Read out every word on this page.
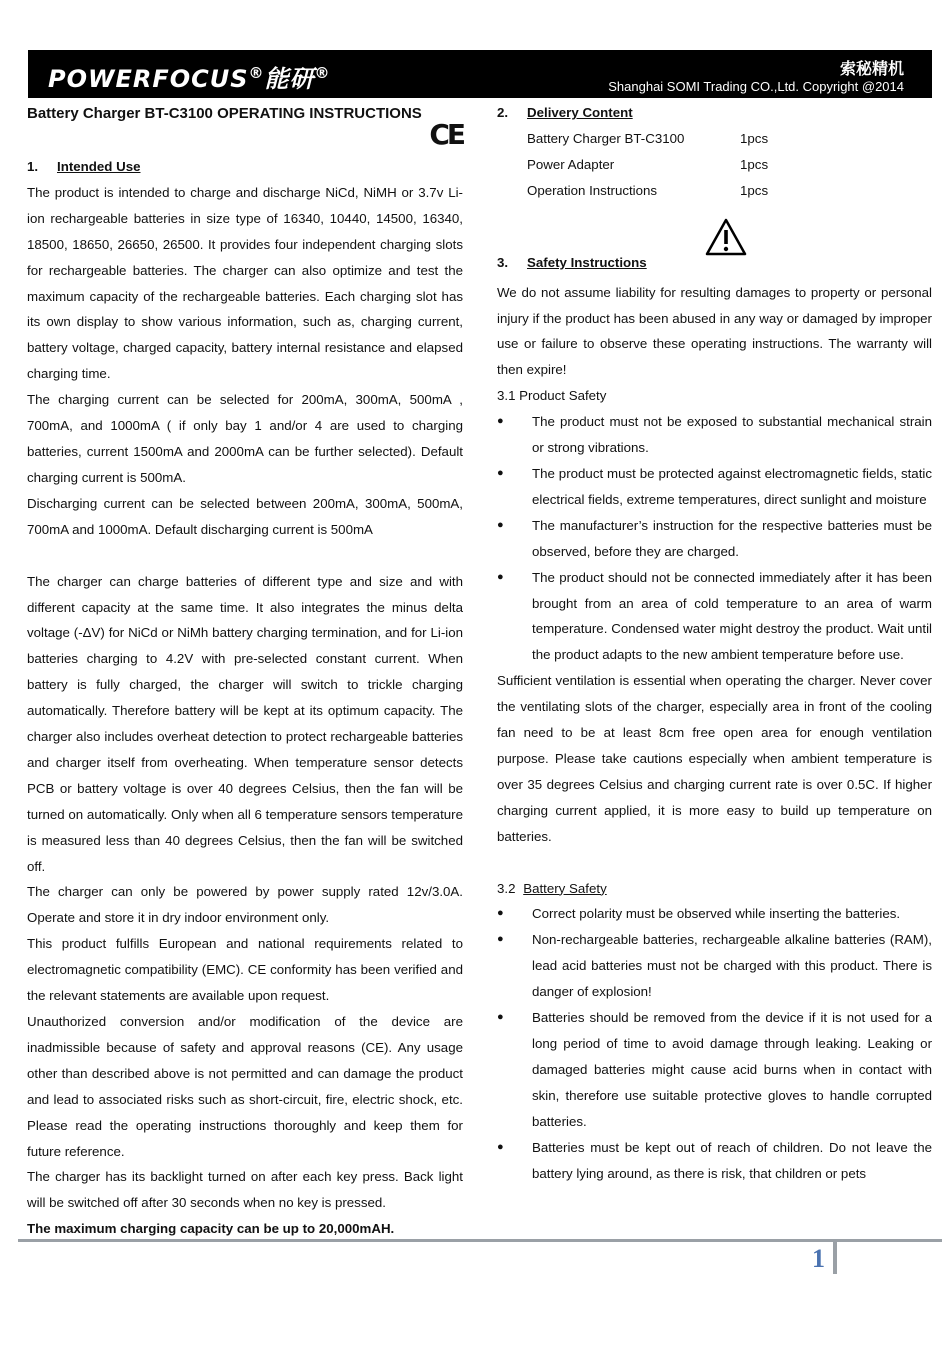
POWERFOCUS®能研®	索秘精机
Shanghai SOMI Trading CO.,Ltd. Copyright @2014
Battery Charger BT-C3100 OPERATING INSTRUCTIONS
CE
1.	Intended Use

The product is intended to charge and discharge NiCd, NiMH or 3.7v Li-ion rechargeable batteries in size type of 16340, 10440, 14500, 16340, 18500, 18650, 26650, 26500. It provides four independent charging slots for rechargeable batteries. The charger can also optimize and test the maximum capacity of the rechargeable batteries. Each charging slot has its own display to show various information, such as, charging current, battery voltage, charged capacity, battery internal resistance and elapsed charging time.

The charging current can be selected for 200mA, 300mA, 500mA , 700mA, and 1000mA ( if only bay 1 and/or 4 are used to charging batteries, current 1500mA and 2000mA can be further selected). Default charging current is 500mA.

Discharging current can be selected between 200mA, 300mA, 500mA, 700mA and 1000mA. Default discharging current is 500mA

The charger can charge batteries of different type and size and with different capacity at the same time. It also integrates the minus delta voltage (-ΔV) for NiCd or NiMh battery charging termination, and for Li-ion batteries charging to 4.2V with pre-selected constant current. When battery is fully charged, the charger will switch to trickle charging automatically. Therefore battery will be kept at its optimum capacity. The charger also includes overheat detection to protect rechargeable batteries and charger itself from overheating. When temperature sensor detects PCB or battery voltage is over 40 degrees Celsius, then the fan will be turned on automatically. Only when all 6 temperature sensors temperature is measured less than 40 degrees Celsius, then the fan will be switched off.

The charger can only be powered by power supply rated 12v/3.0A. Operate and store it in dry indoor environment only.

This product fulfills European and national requirements related to electromagnetic compatibility (EMC). CE conformity has been verified and the relevant statements are available upon request.

Unauthorized conversion and/or modification of the device are inadmissible because of safety and approval reasons (CE). Any usage other than described above is not permitted and can damage the product and lead to associated risks such as short-circuit, fire, electric shock, etc. Please read the operating instructions thoroughly and keep them for future reference.

The charger has its backlight turned on after each key press. Back light will be switched off after 30 seconds when no key is pressed.

The maximum charging capacity can be up to 20,000mAH.

2.	Delivery Content
Battery Charger BT-C3100	1pcs
Power Adapter	1pcs
Operation Instructions	1pcs
3.	Safety Instructions

We do not assume liability for resulting damages to property or personal injury if the product has been abused in any way or damaged by improper use or failure to observe these operating instructions. The warranty will then expire!

3.1 Product Safety
●	The product must not be exposed to substantial mechanical strain or strong vibrations.
●	The product must be protected against electromagnetic fields, static electrical fields, extreme temperatures, direct sunlight and moisture
●	The manufacturer’s instruction for the respective batteries must be observed, before they are charged.
●	The product should not be connected immediately after it has been brought from an area of cold temperature to an area of warm temperature. Condensed water might destroy the product. Wait until the product adapts to the new ambient temperature before use.

Sufficient ventilation is essential when operating the charger. Never cover the ventilating slots of the charger, especially area in front of the cooling fan need to be at least 8cm free open area for enough ventilation purpose. Please take cautions especially when ambient temperature is over 35 degrees Celsius and charging current rate is over 0.5C. If higher charging current applied, it is more easy to build up temperature on batteries.

3.2 Battery Safety
●	Correct polarity must be observed while inserting the batteries.
●	Non-rechargeable batteries, rechargeable alkaline batteries (RAM), lead acid batteries must not be charged with this product. There is danger of explosion!
●	Batteries should be removed from the device if it is not used for a long period of time to avoid damage through leaking. Leaking or damaged batteries might cause acid burns when in contact with skin, therefore use suitable protective gloves to handle corrupted batteries.
●	Batteries must be kept out of reach of children. Do not leave the battery lying around, as there is risk, that children or pets
1
